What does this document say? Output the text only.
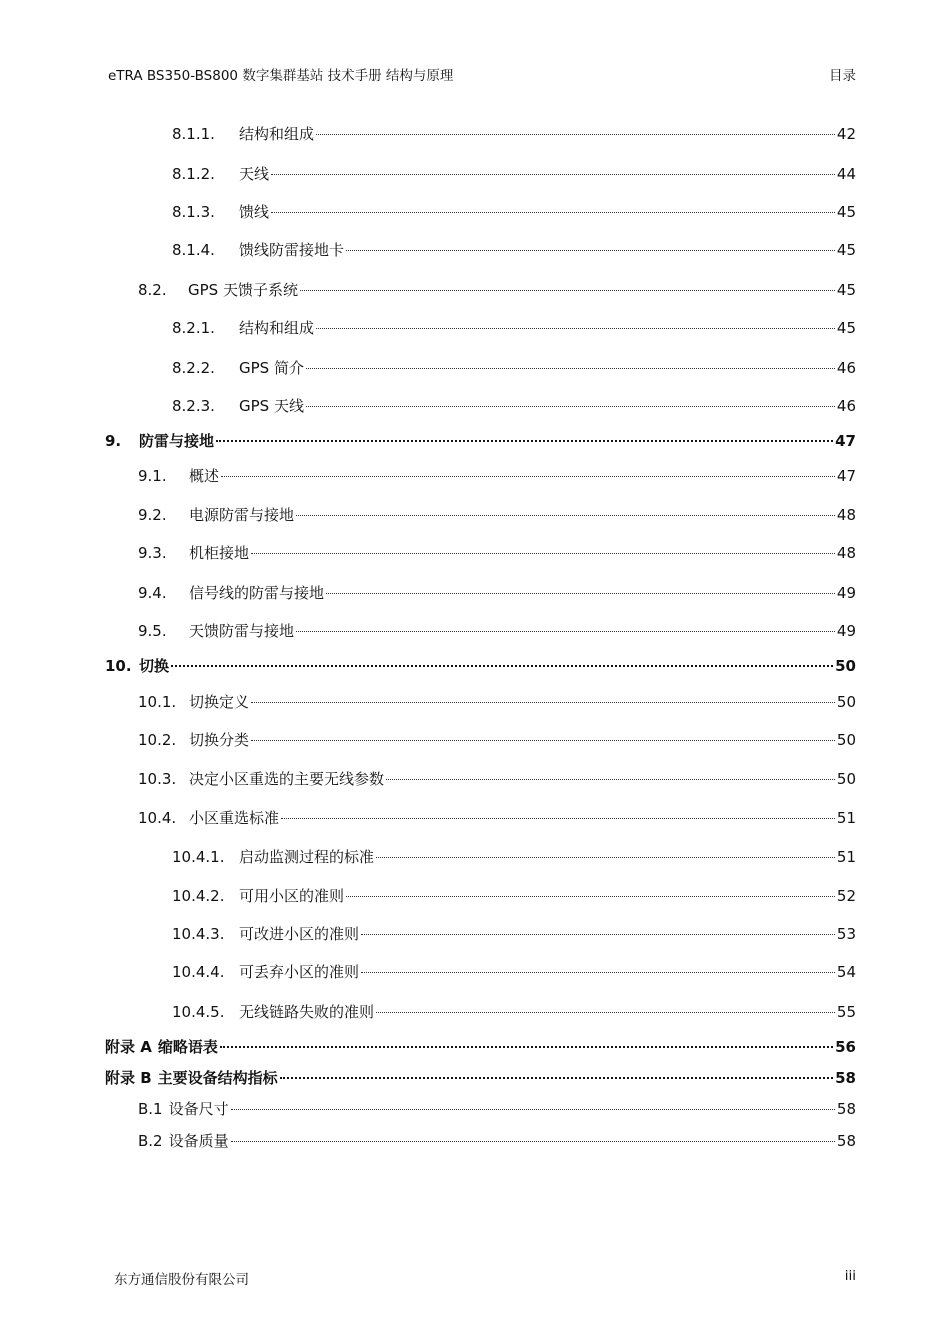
eTRA BS350-BS800 数字集群基站 技术手册 结构与原理	目录
8.1.1.	结构和组成	42
8.1.2.	天线	44
8.1.3.	馈线	45
8.1.4.	馈线防雷接地卡	45
8.2.	GPS 天馈子系统	45
8.2.1.	结构和组成	45
8.2.2.	GPS 简介	46
8.2.3.	GPS 天线	46
9.	防雷与接地	47
9.1.	概述	47
9.2.	电源防雷与接地	48
9.3.	机柜接地	48
9.4.	信号线的防雷与接地	49
9.5.	天馈防雷与接地	49
10. 切换	50
10.1. 切换定义	50
10.2. 切换分类	50
10.3. 决定小区重选的主要无线参数	50
10.4. 小区重选标准	51
10.4.1. 启动监测过程的标准	51
10.4.2. 可用小区的准则	52
10.4.3. 可改进小区的准则	53
10.4.4. 可丢弃小区的准则	54
10.4.5. 无线链路失败的准则	55
附录 A 缩略语表	56
附录 B 主要设备结构指标	58
B.1 设备尺寸	58
B.2 设备质量	58
东方通信股份有限公司	iii
